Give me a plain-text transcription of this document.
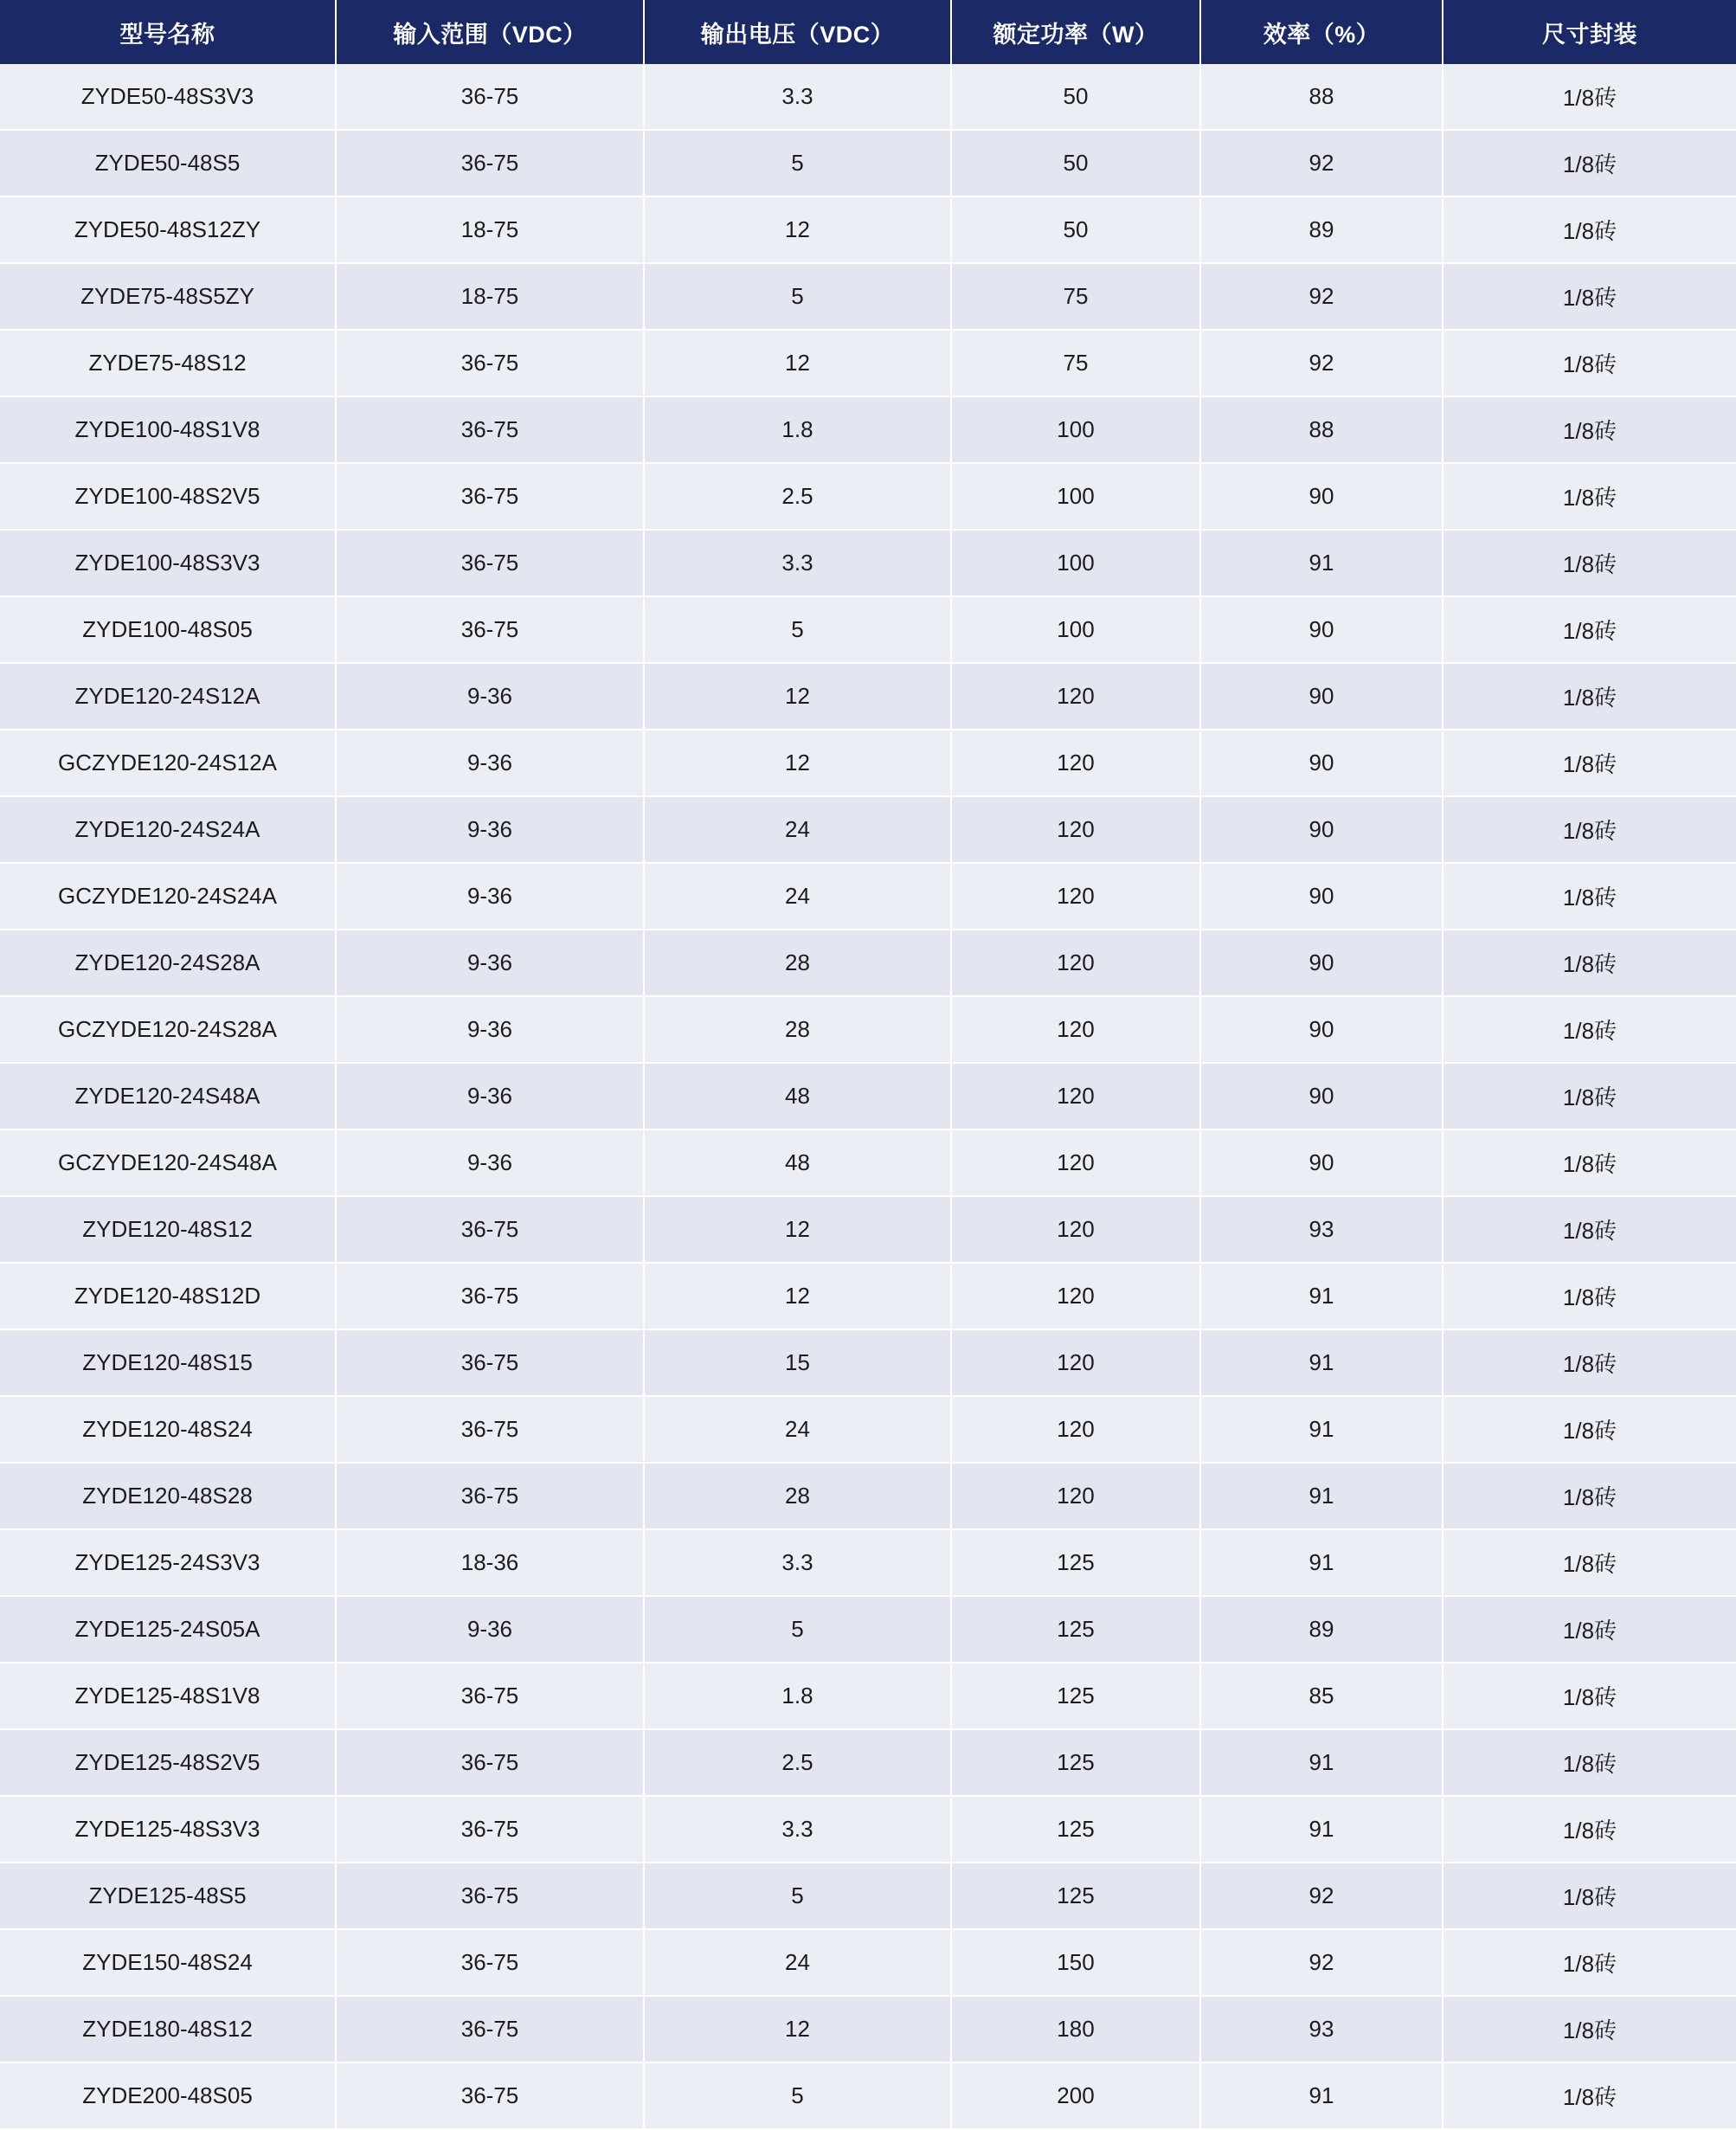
型号名称	输入范围（VDC）	输出电压（VDC）	额定功率（W）	效率（%）	尺寸封装
ZYDE50-48S3V3	36-75	3.3	50	88	1/8砖
ZYDE50-48S5	36-75	5	50	92	1/8砖
ZYDE50-48S12ZY	18-75	12	50	89	1/8砖
ZYDE75-48S5ZY	18-75	5	75	92	1/8砖
ZYDE75-48S12	36-75	12	75	92	1/8砖
ZYDE100-48S1V8	36-75	1.8	100	88	1/8砖
ZYDE100-48S2V5	36-75	2.5	100	90	1/8砖
ZYDE100-48S3V3	36-75	3.3	100	91	1/8砖
ZYDE100-48S05	36-75	5	100	90	1/8砖
ZYDE120-24S12A	9-36	12	120	90	1/8砖
GCZYDE120-24S12A	9-36	12	120	90	1/8砖
ZYDE120-24S24A	9-36	24	120	90	1/8砖
GCZYDE120-24S24A	9-36	24	120	90	1/8砖
ZYDE120-24S28A	9-36	28	120	90	1/8砖
GCZYDE120-24S28A	9-36	28	120	90	1/8砖
ZYDE120-24S48A	9-36	48	120	90	1/8砖
GCZYDE120-24S48A	9-36	48	120	90	1/8砖
ZYDE120-48S12	36-75	12	120	93	1/8砖
ZYDE120-48S12D	36-75	12	120	91	1/8砖
ZYDE120-48S15	36-75	15	120	91	1/8砖
ZYDE120-48S24	36-75	24	120	91	1/8砖
ZYDE120-48S28	36-75	28	120	91	1/8砖
ZYDE125-24S3V3	18-36	3.3	125	91	1/8砖
ZYDE125-24S05A	9-36	5	125	89	1/8砖
ZYDE125-48S1V8	36-75	1.8	125	85	1/8砖
ZYDE125-48S2V5	36-75	2.5	125	91	1/8砖
ZYDE125-48S3V3	36-75	3.3	125	91	1/8砖
ZYDE125-48S5	36-75	5	125	92	1/8砖
ZYDE150-48S24	36-75	24	150	92	1/8砖
ZYDE180-48S12	36-75	12	180	93	1/8砖
ZYDE200-48S05	36-75	5	200	91	1/8砖
